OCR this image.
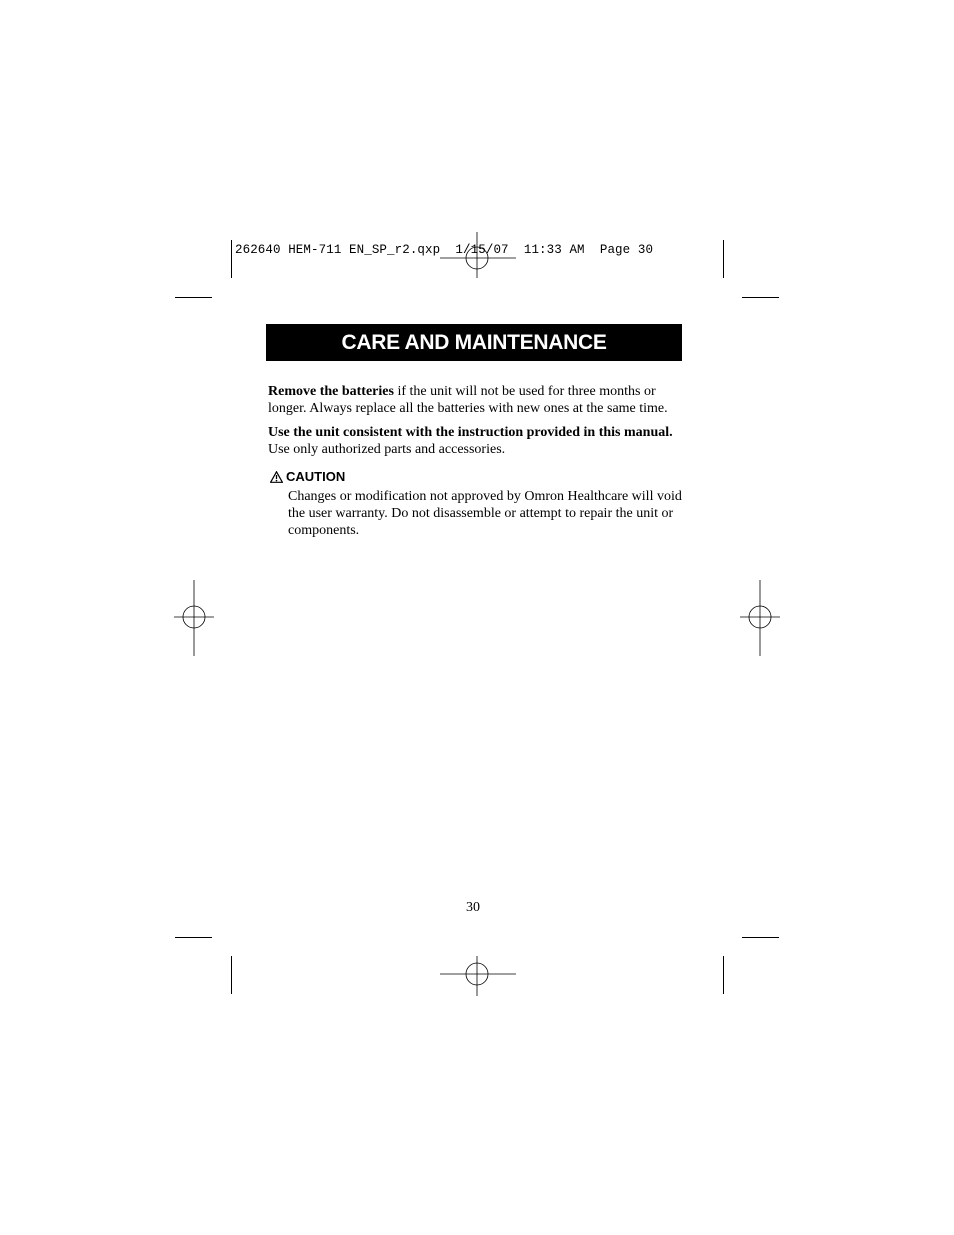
262640 HEM-711 EN_SP_r2.qxp  1/15/07  11:33 AM  Page 30
CARE AND MAINTENANCE
Remove the batteries if the unit will not be used for three months or longer. Always replace all the batteries with new ones at the same time.
Use the unit consistent with the instruction provided in this manual. Use only authorized parts and accessories.
CAUTION
Changes or modification not approved by Omron Healthcare will void the user warranty. Do not disassemble or attempt to repair the unit or components.
30
